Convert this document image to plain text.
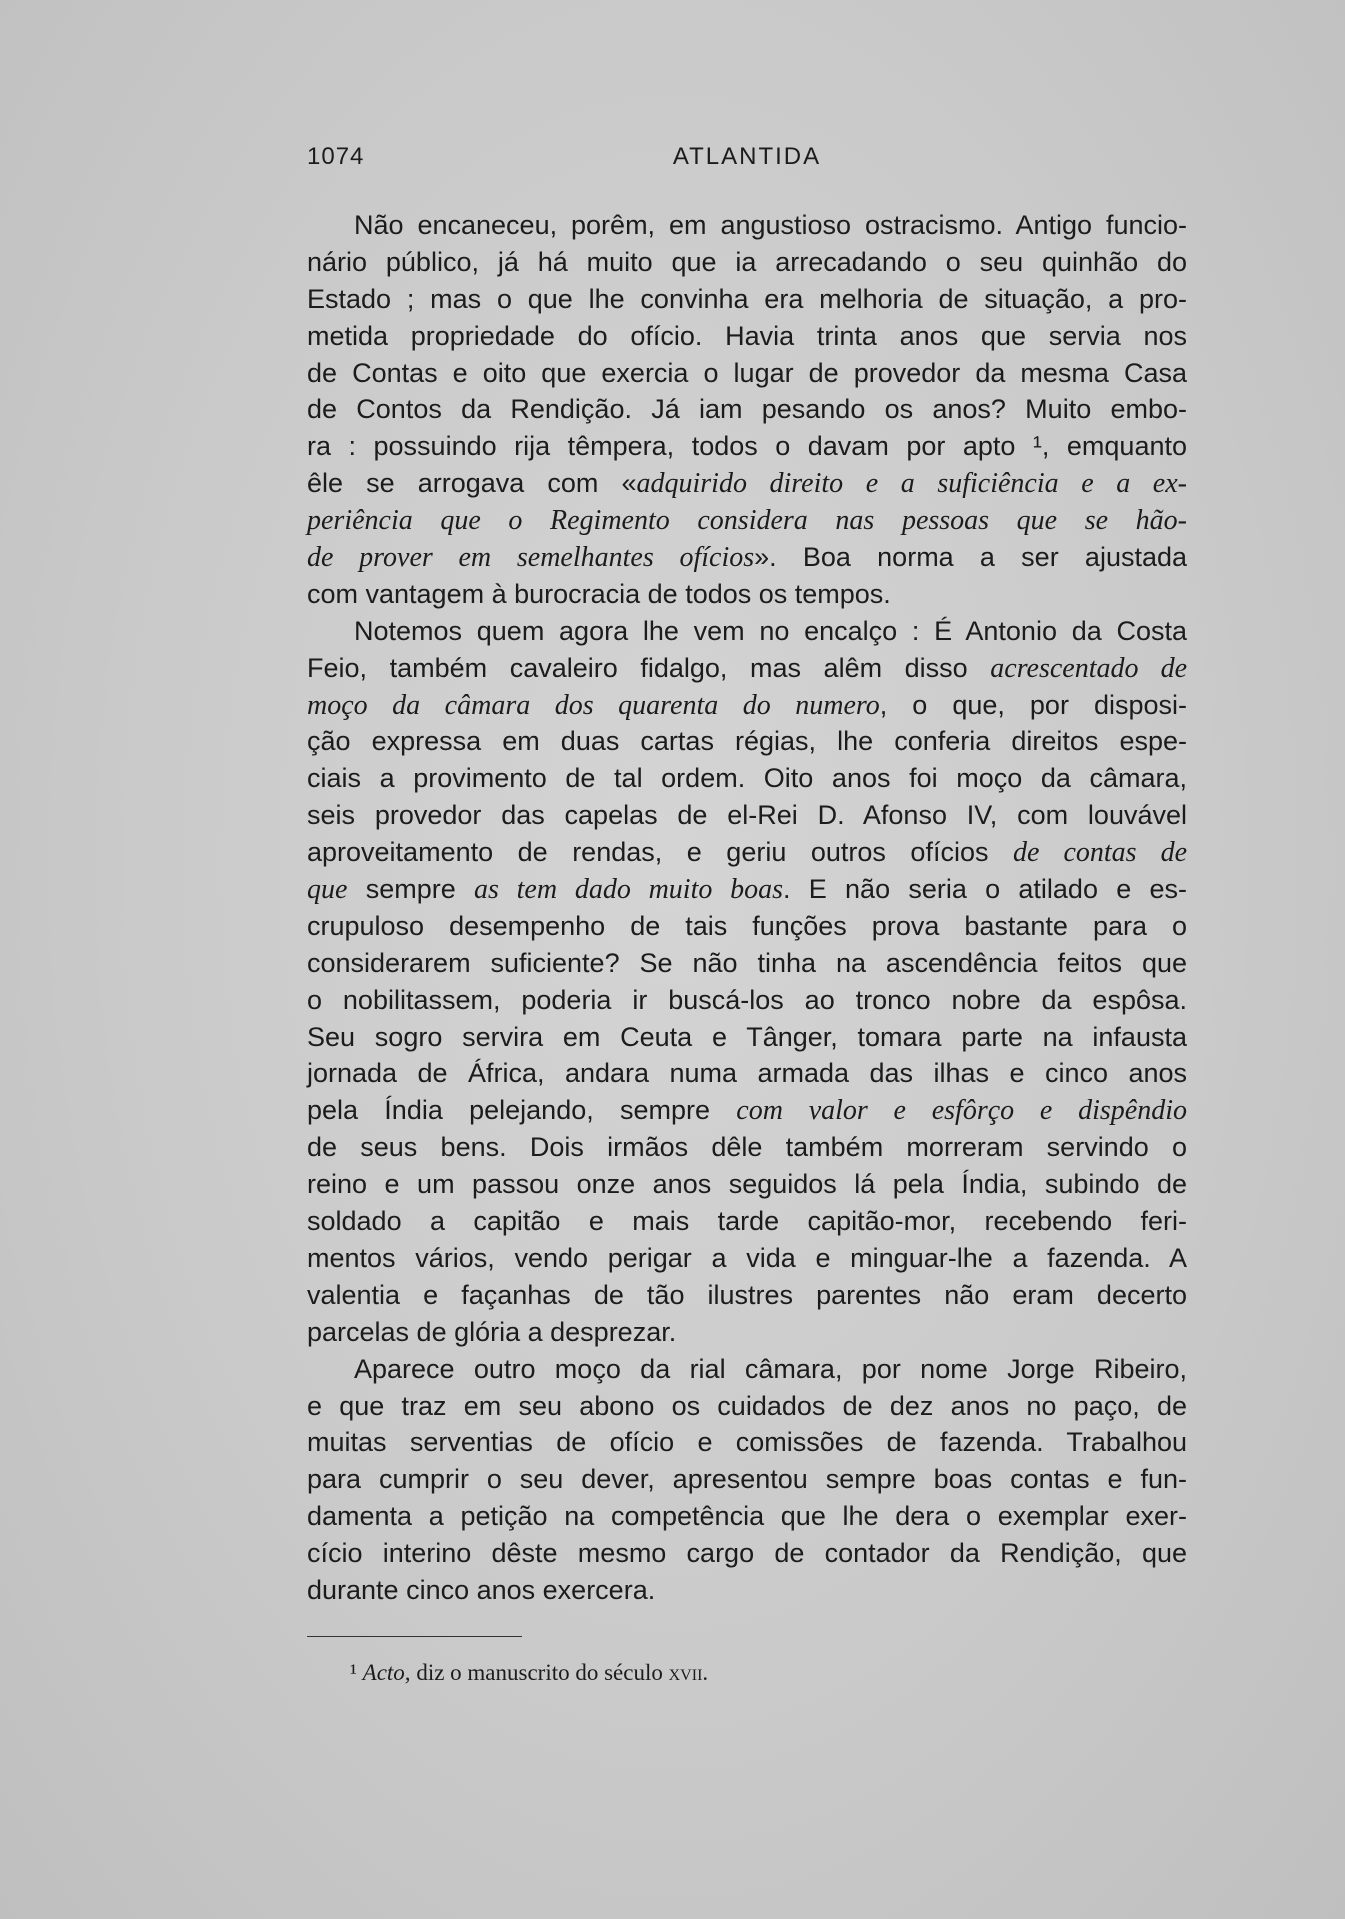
1074	ATLANTIDA
Não encaneceu, porêm, em angustioso ostracismo. Antigo funcio-
nário público, já há muito que ia arrecadando o seu quinhão do
Estado ; mas o que lhe convinha era melhoria de situação, a pro-
metida propriedade do ofício. Havia trinta anos que servia nos
de Contas e oito que exercia o lugar de provedor da mesma Casa
de Contos da Rendição. Já iam pesando os anos? Muito embo-
ra : possuindo rija têmpera, todos o davam por apto ¹, emquanto
êle se arrogava com «adquirido direito e a suficiência e a ex-
periência que o Regimento considera nas pessoas que se hão-
de prover em semelhantes ofícios». Boa norma a ser ajustada
com vantagem à burocracia de todos os tempos.
Notemos quem agora lhe vem no encalço : É Antonio da Costa
Feio, também cavaleiro fidalgo, mas alêm disso acrescentado de
moço da câmara dos quarenta do numero, o que, por disposi-
ção expressa em duas cartas régias, lhe conferia direitos espe-
ciais a provimento de tal ordem. Oito anos foi moço da câmara,
seis provedor das capelas de el-Rei D. Afonso IV, com louvável
aproveitamento de rendas, e geriu outros ofícios de contas de
que sempre as tem dado muito boas. E não seria o atilado e es-
crupuloso desempenho de tais funções prova bastante para o
considerarem suficiente? Se não tinha na ascendência feitos que
o nobilitassem, poderia ir buscá-los ao tronco nobre da espôsa.
Seu sogro servira em Ceuta e Tânger, tomara parte na infausta
jornada de África, andara numa armada das ilhas e cinco anos
pela Índia pelejando, sempre com valor e esfôrço e dispêndio
de seus bens. Dois irmãos dêle também morreram servindo o
reino e um passou onze anos seguidos lá pela Índia, subindo de
soldado a capitão e mais tarde capitão-mor, recebendo feri-
mentos vários, vendo perigar a vida e minguar-lhe a fazenda. A
valentia e façanhas de tão ilustres parentes não eram decerto
parcelas de glória a desprezar.
Aparece outro moço da rial câmara, por nome Jorge Ribeiro,
e que traz em seu abono os cuidados de dez anos no paço, de
muitas serventias de ofício e comissões de fazenda. Trabalhou
para cumprir o seu dever, apresentou sempre boas contas e fun-
damenta a petição na competência que lhe dera o exemplar exer-
cício interino dêste mesmo cargo de contador da Rendição, que
durante cinco anos exercera.
¹ Acto, diz o manuscrito do século xvii.
